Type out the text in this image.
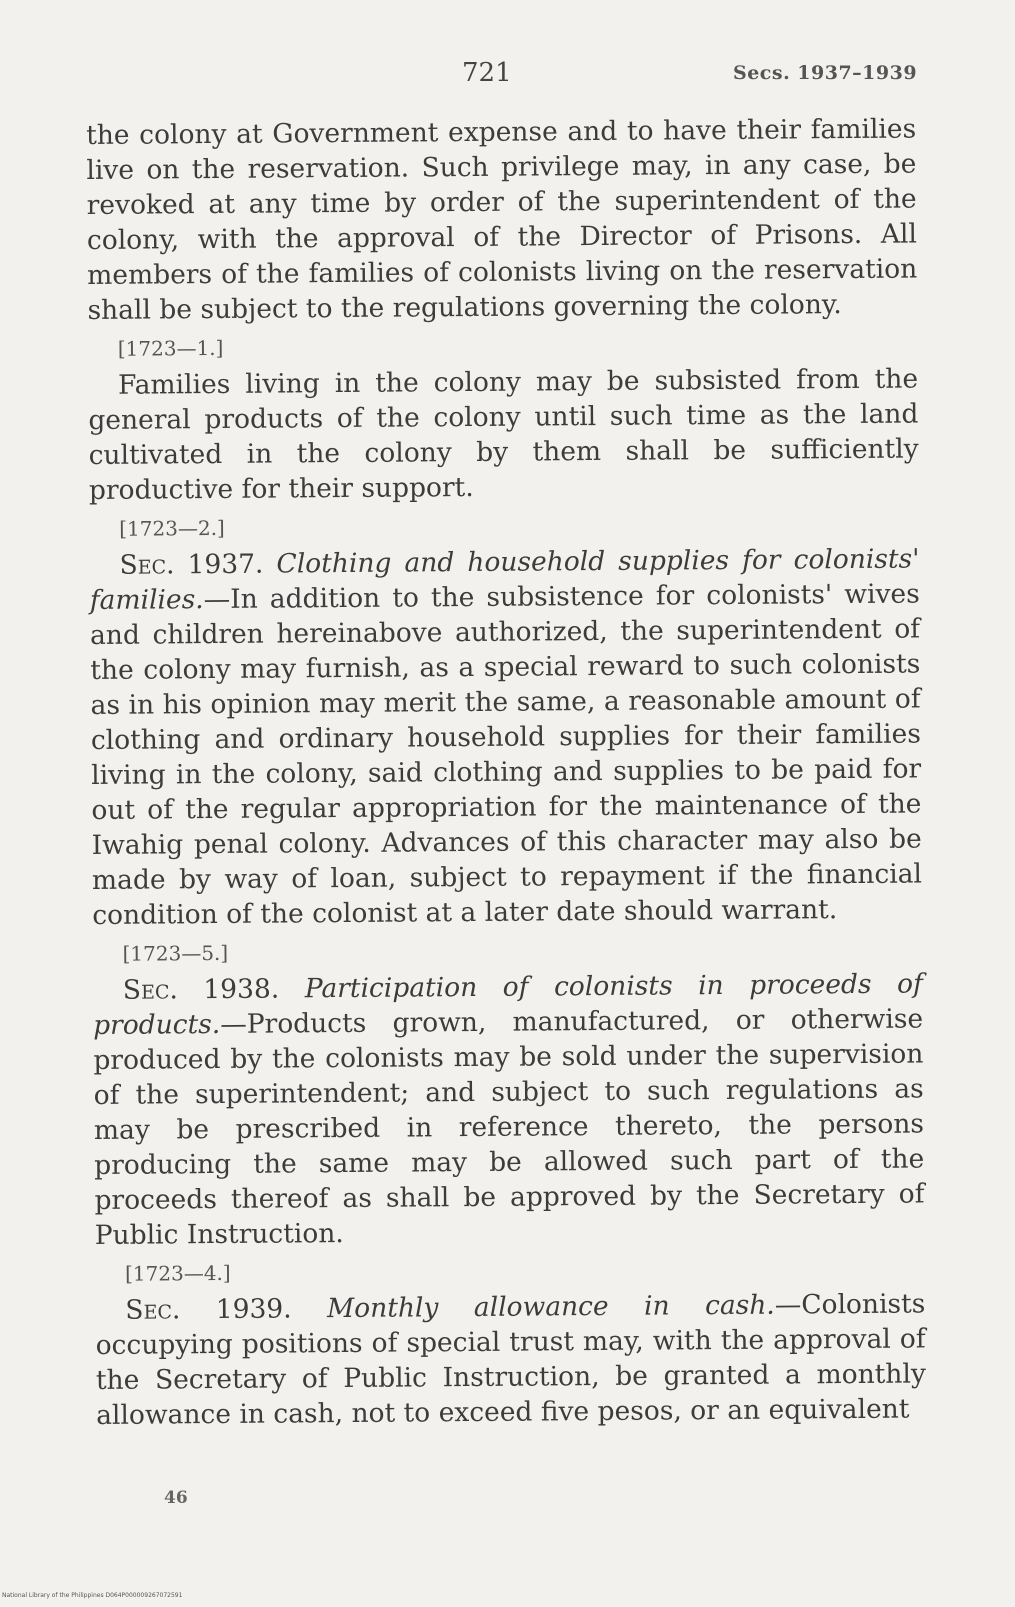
721	Secs. 1937–1939

the colony at Government expense and to have their families live on the reservation. Such privilege may, in any case, be revoked at any time by order of the superintendent of the colony, with the approval of the Director of Prisons. All members of the families of colonists living on the reservation shall be subject to the regulations governing the colony.

[1723—1.]

Families living in the colony may be subsisted from the general products of the colony until such time as the land cultivated in the colony by them shall be sufficiently productive for their support.

[1723—2.]

Sec. 1937. Clothing and household supplies for colonists' families.—In addition to the subsistence for colonists' wives and children hereinabove authorized, the superintendent of the colony may furnish, as a special reward to such colonists as in his opinion may merit the same, a reasonable amount of clothing and ordinary household supplies for their families living in the colony, said clothing and supplies to be paid for out of the regular appropriation for the maintenance of the Iwahig penal colony. Advances of this character may also be made by way of loan, subject to repayment if the financial condition of the colonist at a later date should warrant.

[1723—5.]

Sec. 1938. Participation of colonists in proceeds of products.—Products grown, manufactured, or otherwise produced by the colonists may be sold under the supervision of the superintendent; and subject to such regulations as may be prescribed in reference thereto, the persons producing the same may be allowed such part of the proceeds thereof as shall be approved by the Secretary of Public Instruction.

[1723—4.]

Sec. 1939. Monthly allowance in cash.—Colonists occupying positions of special trust may, with the approval of the Secretary of Public Instruction, be granted a monthly allowance in cash, not to exceed five pesos, or an equivalent

46
National Library of the Philippines D064P000009267072591
